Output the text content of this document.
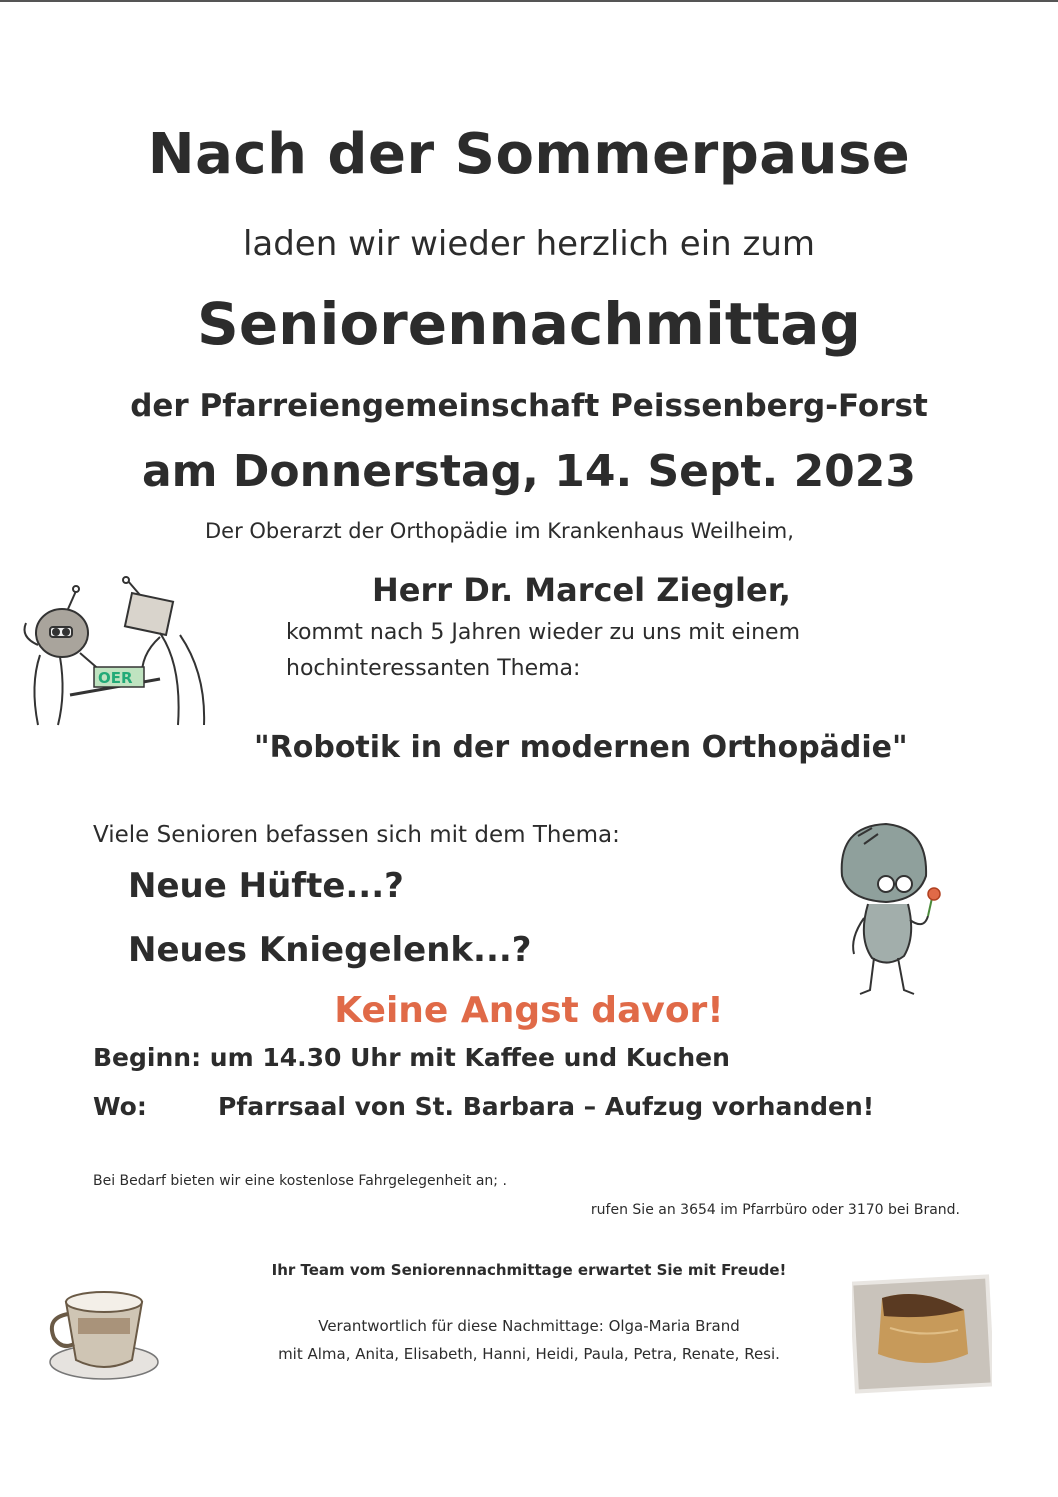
Nach der Sommerpause
laden wir wieder herzlich ein zum
Seniorennachmittag
der Pfarreiengemeinschaft Peissenberg-Forst
am Donnerstag, 14. Sept. 2023
Der Oberarzt der Orthopädie im Krankenhaus Weilheim,
Herr Dr. Marcel Ziegler,
kommt nach 5 Jahren wieder zu uns mit einem
hochinteressanten Thema:
"Robotik in der modernen Orthopädie"
Viele Senioren befassen sich mit dem Thema:
Neue Hüfte...?
Neues Kniegelenk...?
Keine Angst davor!
Beginn: um 14.30 Uhr mit Kaffee und Kuchen
Wo:	Pfarrsaal von St. Barbara – Aufzug vorhanden!
Bei Bedarf bieten wir eine kostenlose Fahrgelegenheit an; .
rufen Sie an 3654 im Pfarrbüro oder 3170 bei Brand.
Ihr Team vom Seniorennachmittage erwartet Sie mit Freude!
Verantwortlich für diese Nachmittage: Olga-Maria Brand
mit Alma, Anita, Elisabeth, Hanni, Heidi, Paula, Petra, Renate, Resi.
OER
